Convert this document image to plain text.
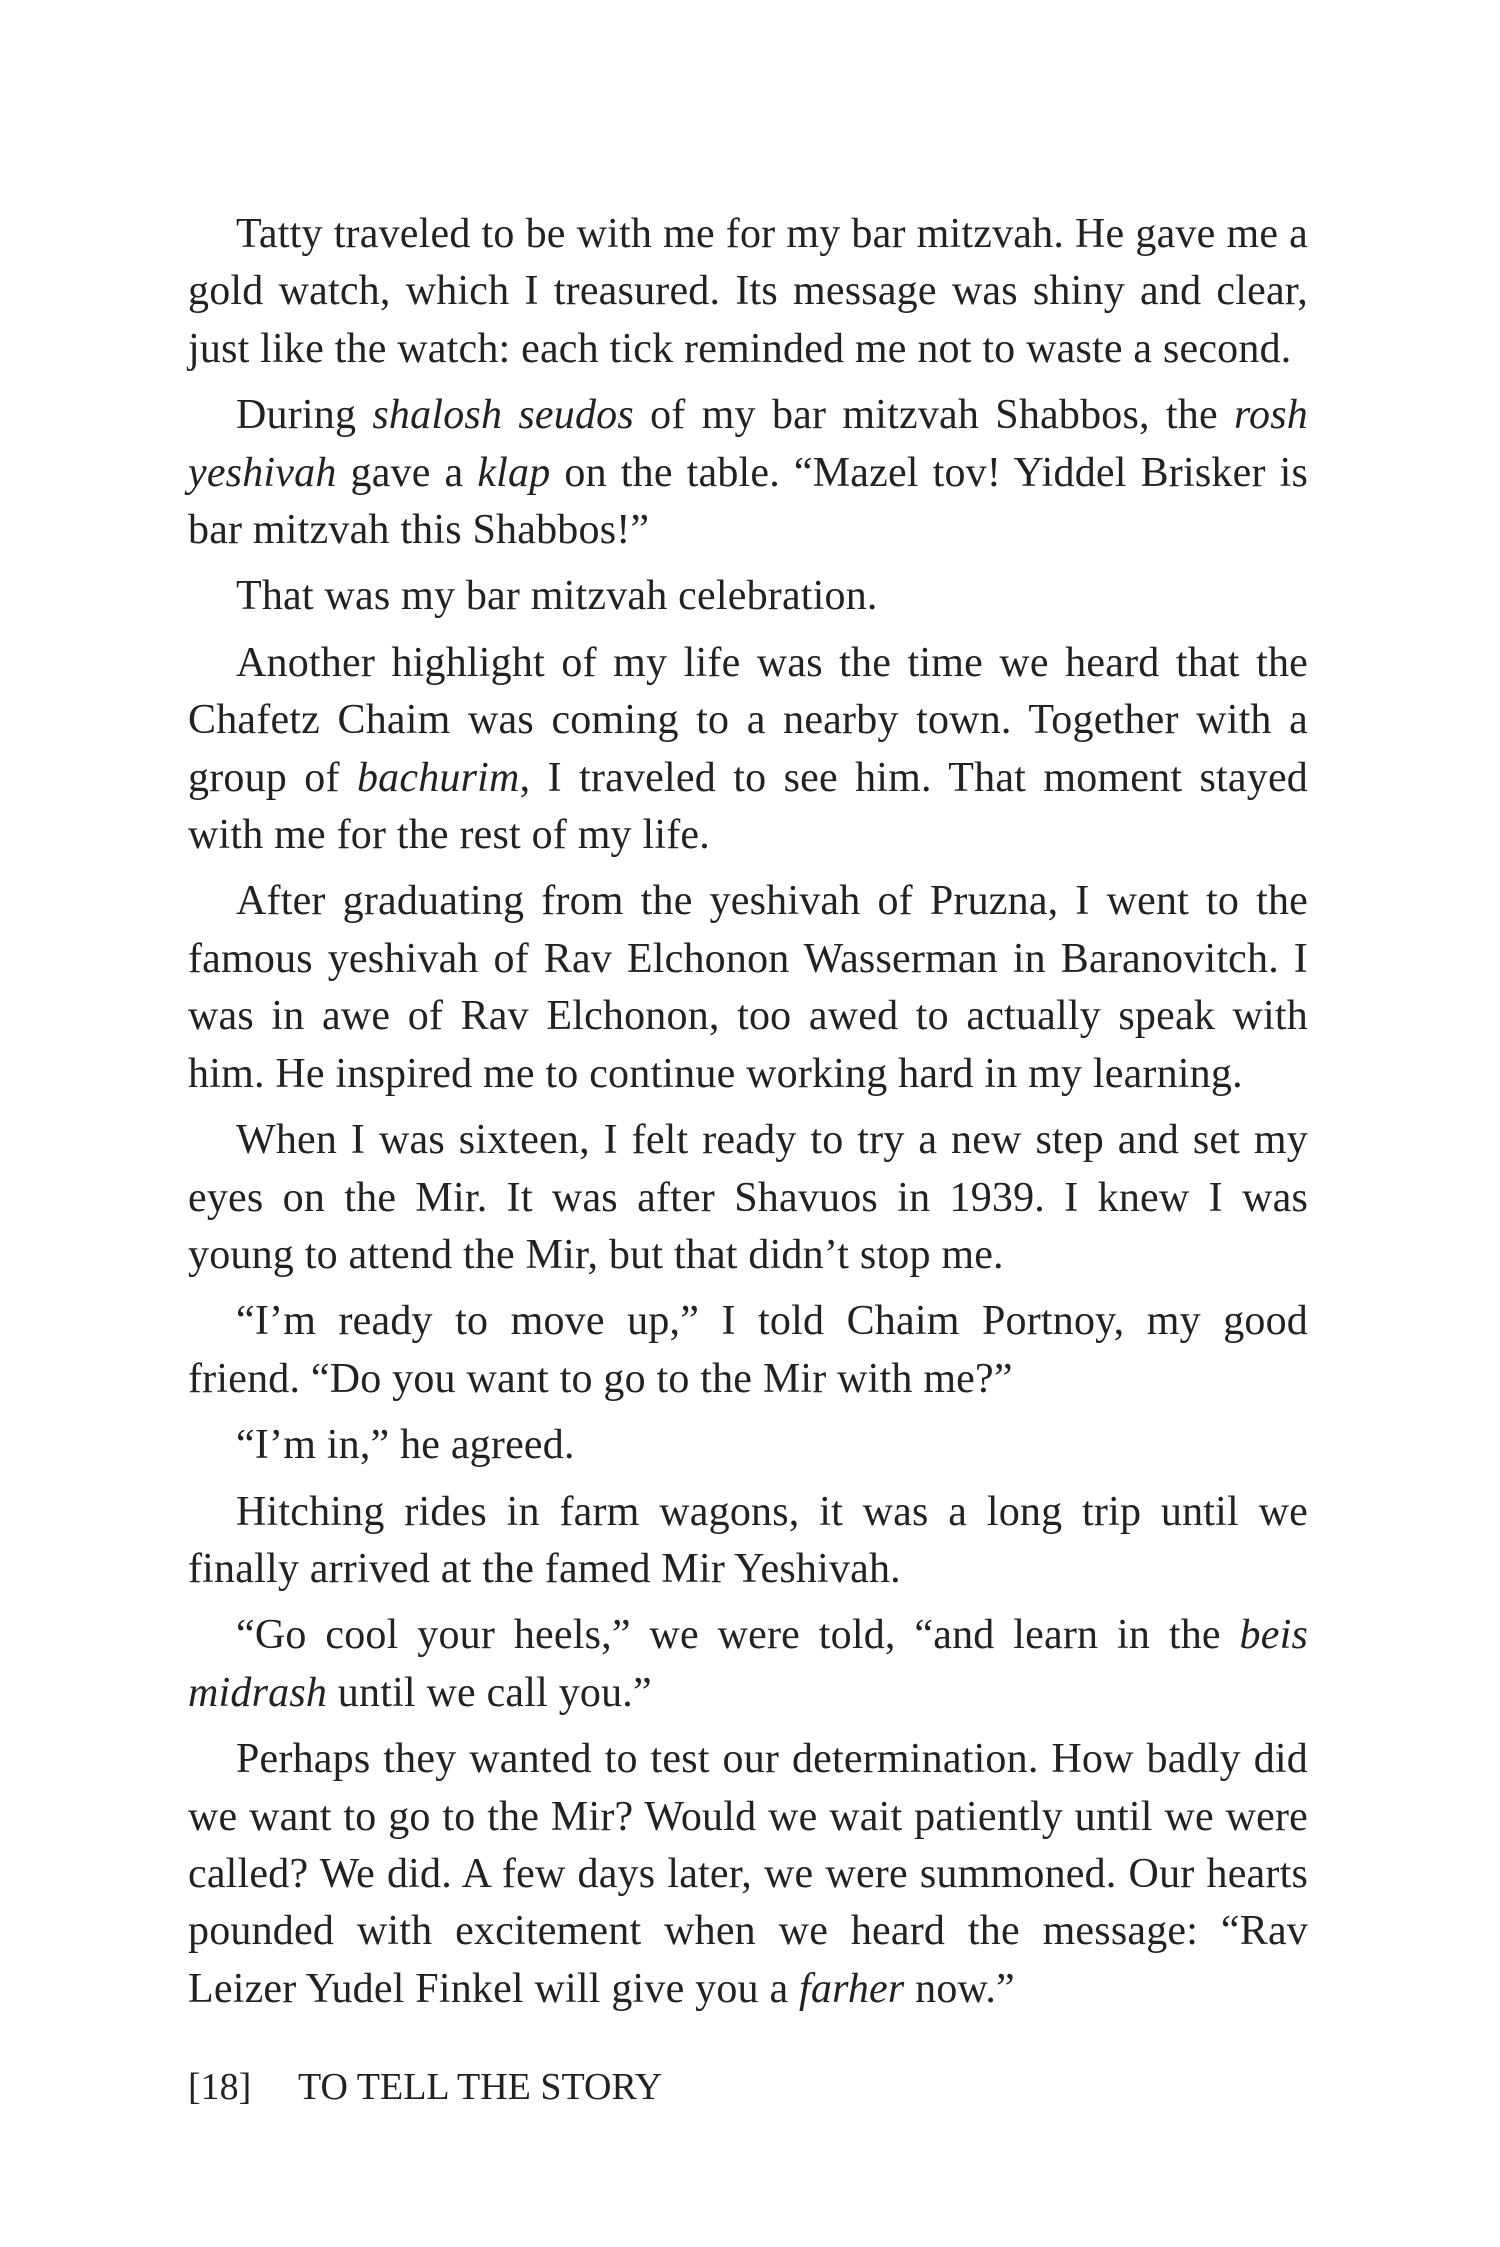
Tatty traveled to be with me for my bar mitzvah. He gave me a gold watch, which I treasured. Its message was shiny and clear, just like the watch: each tick reminded me not to waste a second.

During shalosh seudos of my bar mitzvah Shabbos, the rosh yeshivah gave a klap on the table. “Mazel tov! Yiddel Brisker is bar mitzvah this Shabbos!”

That was my bar mitzvah celebration.

Another highlight of my life was the time we heard that the Chafetz Chaim was coming to a nearby town. Together with a group of bachurim, I traveled to see him. That moment stayed with me for the rest of my life.

After graduating from the yeshivah of Pruzna, I went to the famous yeshivah of Rav Elchonon Wasserman in Baranovitch. I was in awe of Rav Elchonon, too awed to actually speak with him. He inspired me to continue working hard in my learning.

When I was sixteen, I felt ready to try a new step and set my eyes on the Mir. It was after Shavuos in 1939. I knew I was young to attend the Mir, but that didn’t stop me.

“I’m ready to move up,” I told Chaim Portnoy, my good friend. “Do you want to go to the Mir with me?”

“I’m in,” he agreed.

Hitching rides in farm wagons, it was a long trip until we finally arrived at the famed Mir Yeshivah.

“Go cool your heels,” we were told, “and learn in the beis midrash until we call you.”

Perhaps they wanted to test our determination. How badly did we want to go to the Mir? Would we wait patiently until we were called? We did. A few days later, we were summoned. Our hearts pounded with excitement when we heard the message: “Rav Leizer Yudel Finkel will give you a farher now.”

[18] TO TELL THE STORY
